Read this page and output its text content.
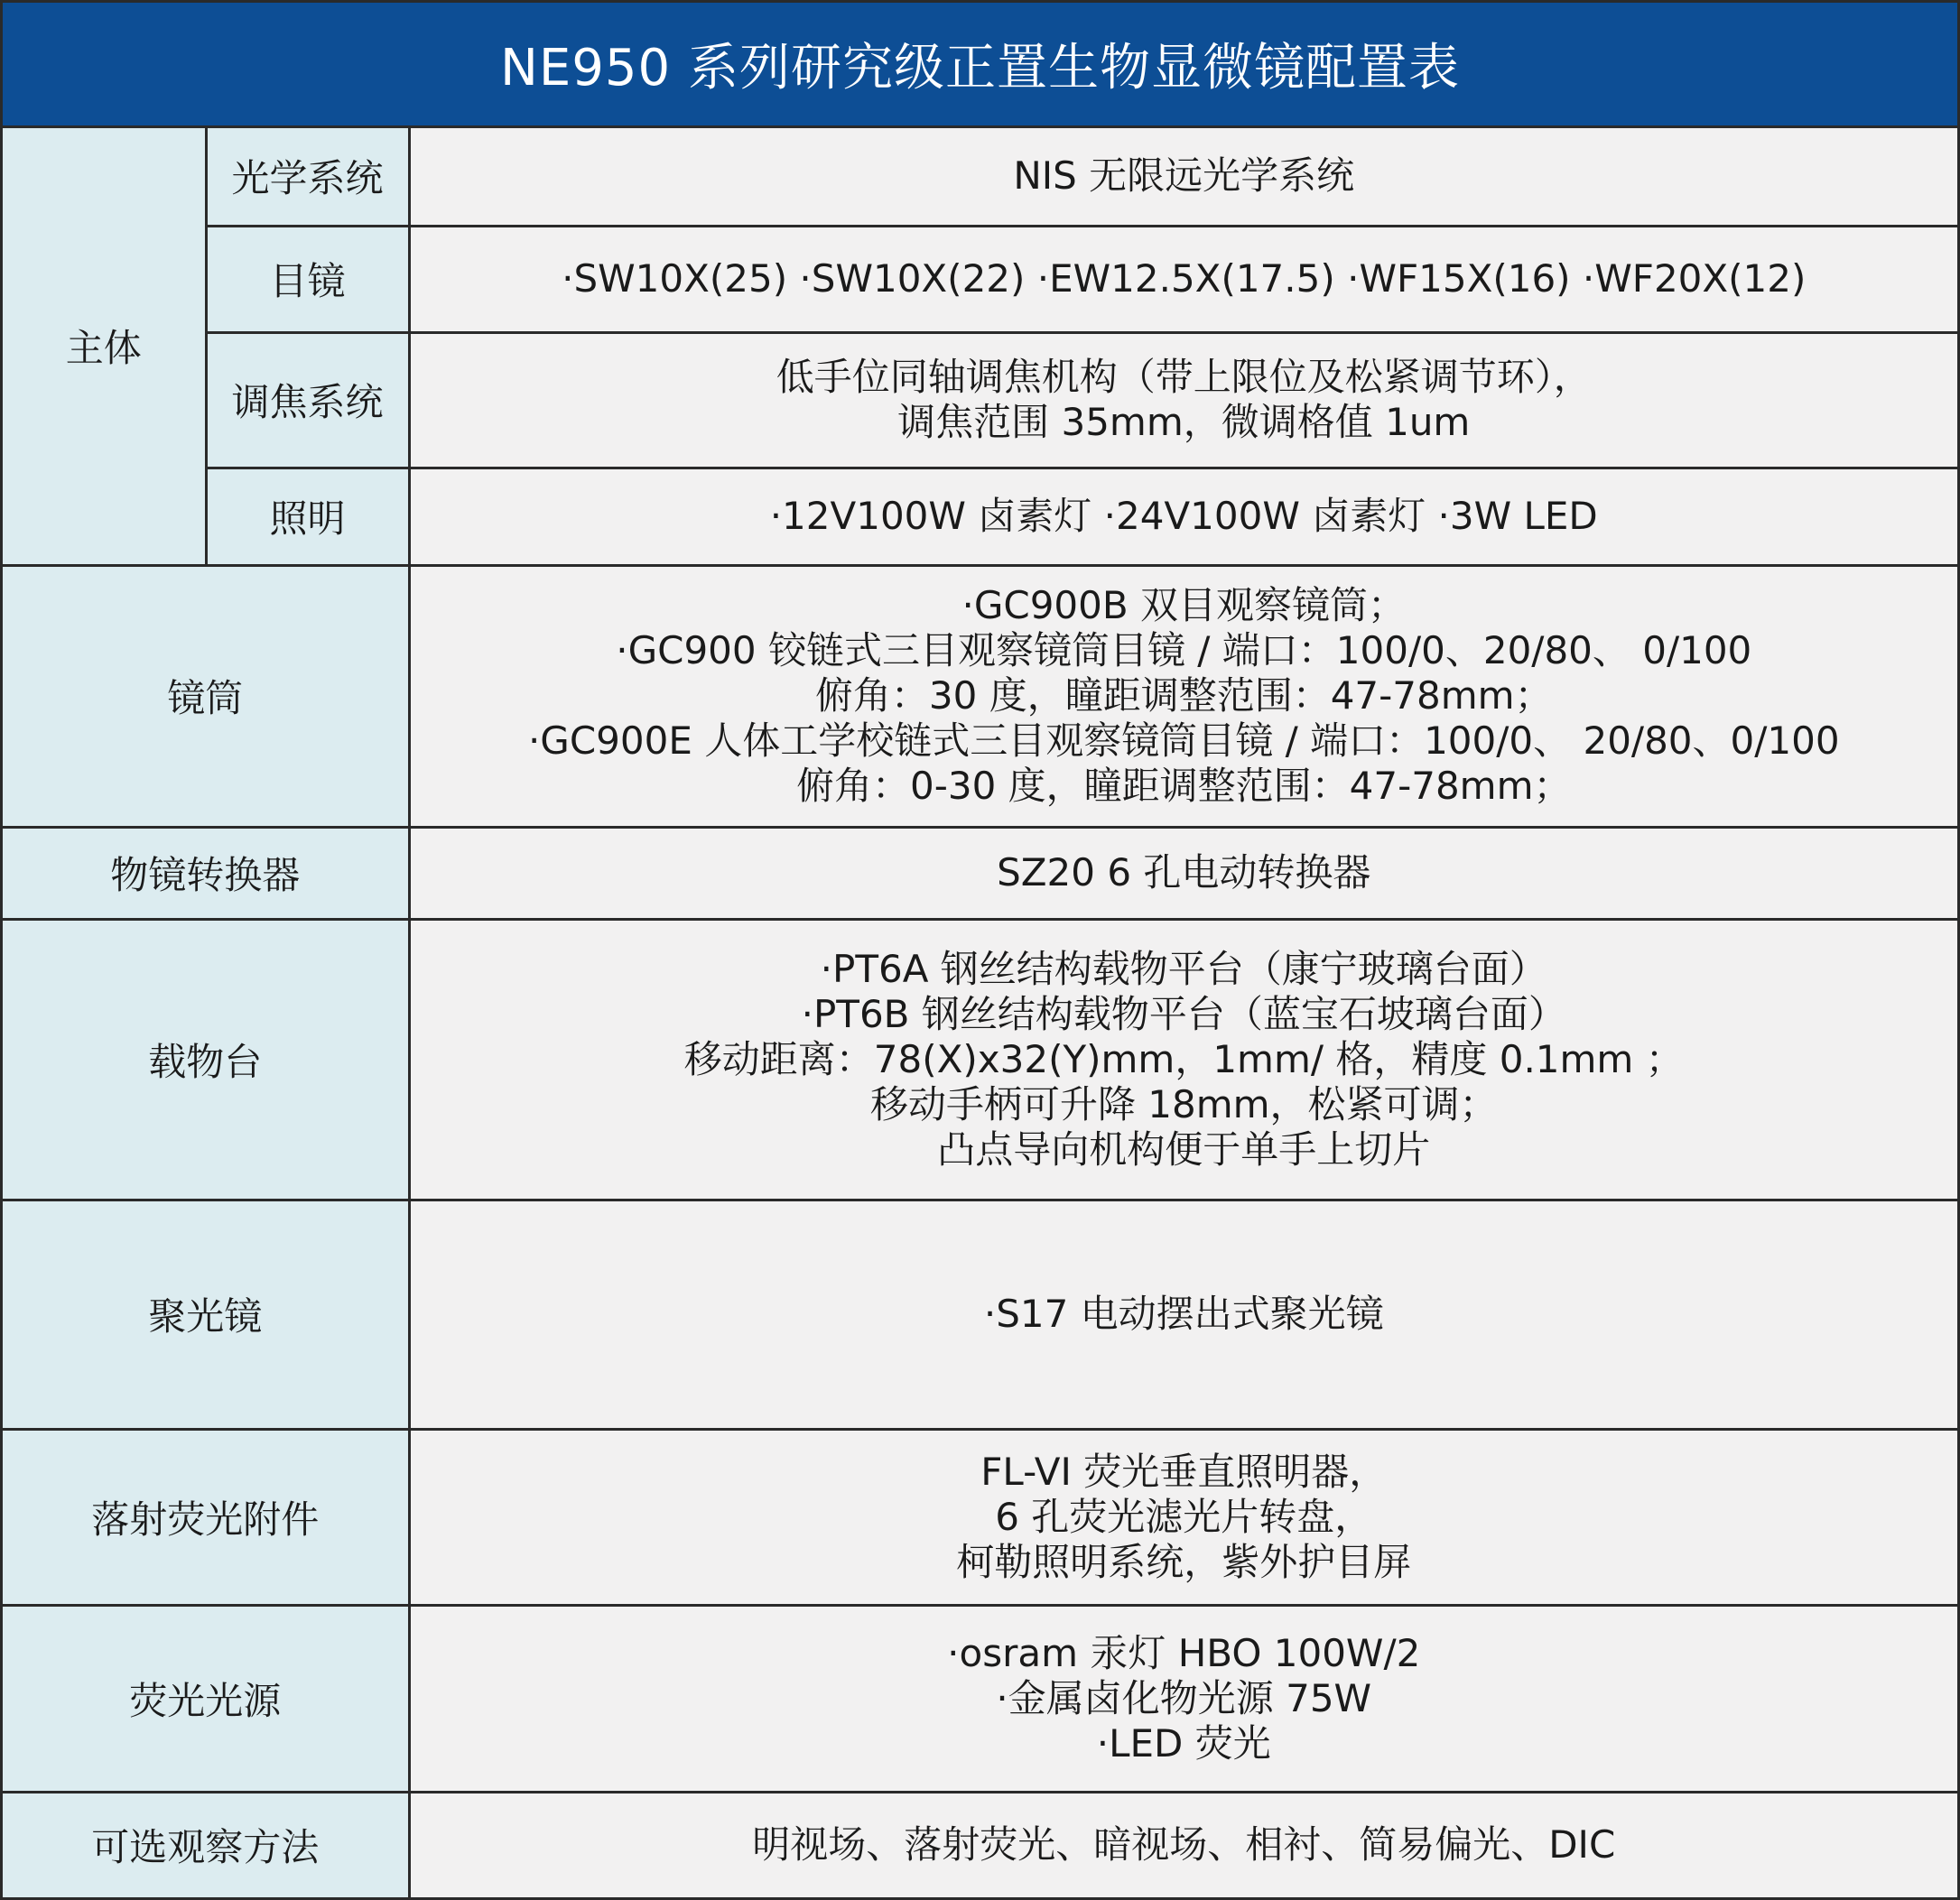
NE950 系列研究级正置生物显微镜配置表
主体	光学系统	NIS 无限远光学系统

	目镜	·SW10X(25) ·SW10X(22) ·EW12.5X(17.5) ·WF15X(16) ·WF20X(12)

	调焦系统	低手位同轴调焦机构（带上限位及松紧调节环），
调焦范围 35mm，微调格值 1um

	照明	·12V100W 卤素灯 ·24V100W 卤素灯 ·3W LED

镜筒		·GC900B 双目观察镜筒；
·GC900 铰链式三目观察镜筒目镜 / 端口：100/0、20/80、 0/100
俯角：30 度，瞳距调整范围：47-78mm；
·GC900E 人体工学校链式三目观察镜筒目镜 / 端口：100/0、 20/80、0/100
俯角：0-30 度，瞳距调整范围：47-78mm；

物镜转换器		SZ20 6 孔电动转换器

载物台		·PT6A 钢丝结构载物平台（康宁玻璃台面）
·PT6B 钢丝结构载物平台（蓝宝石坡璃台面）
移动距离：78(X)x32(Y)mm，1mm/ 格，精度 0.1mm ；
移动手柄可升降 18mm，松紧可调；
凸点导向机构便于单手上切片

聚光镜		·S17 电动摆出式聚光镜

落射荧光附件		FL-VI 荧光垂直照明器，
6 孔荧光滤光片转盘，
柯勒照明系统，紫外护目屏

荧光光源		·osram 汞灯 HBO 100W/2
·金属卤化物光源 75W
·LED 荧光

可选观察方法		明视场、落射荧光、暗视场、相衬、简易偏光、DIC
